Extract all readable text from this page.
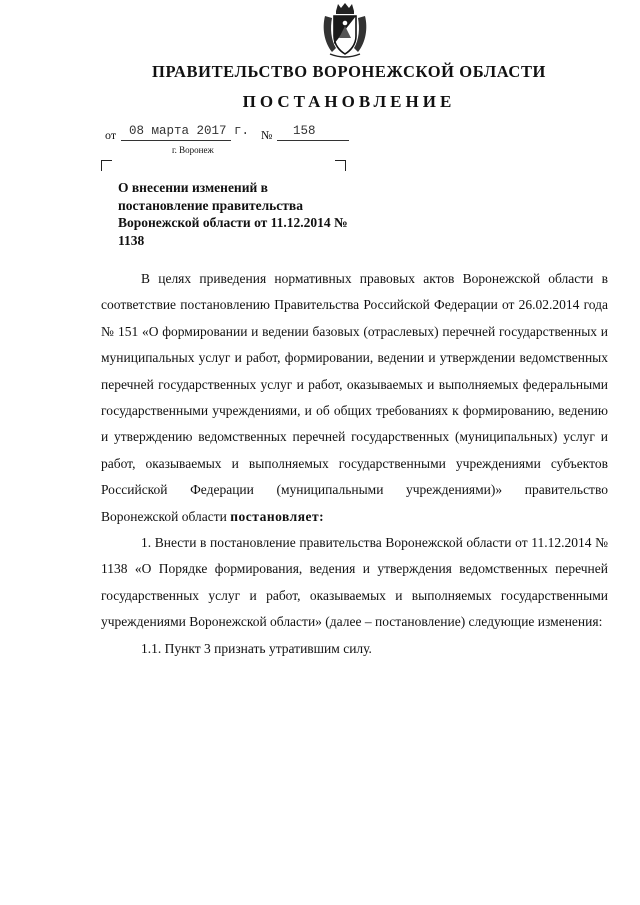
ПРАВИТЕЛЬСТВО ВОРОНЕЖСКОЙ ОБЛАСТИ
ПОСТАНОВЛЕНИЕ
от 08 марта 2017 г. № 158
г. Воронеж
О внесении изменений в постановление правительства Воронежской области от 11.12.2014 № 1138

В целях приведения нормативных правовых актов Воронежской области в соответствие постановлению Правительства Российской Федерации от 26.02.2014 года № 151 «О формировании и ведении базовых (отраслевых) перечней государственных и муниципальных услуг и работ, формировании, ведении и утверждении ведомственных перечней государственных услуг и работ, оказываемых и выполняемых федеральными государственными учреждениями, и об общих требованиях к формированию, ведению и утверждению ведомственных перечней государственных (муниципальных) услуг и работ, оказываемых и выполняемых государственными учреждениями субъектов Российской Федерации (муниципальными учреждениями)» правительство Воронежской области постановляет:

1. Внести в постановление правительства Воронежской области от 11.12.2014 № 1138 «О Порядке формирования, ведения и утверждения ведомственных перечней государственных услуг и работ, оказываемых и выполняемых государственными учреждениями Воронежской области» (далее – постановление) следующие изменения:

1.1. Пункт 3 признать утратившим силу.
